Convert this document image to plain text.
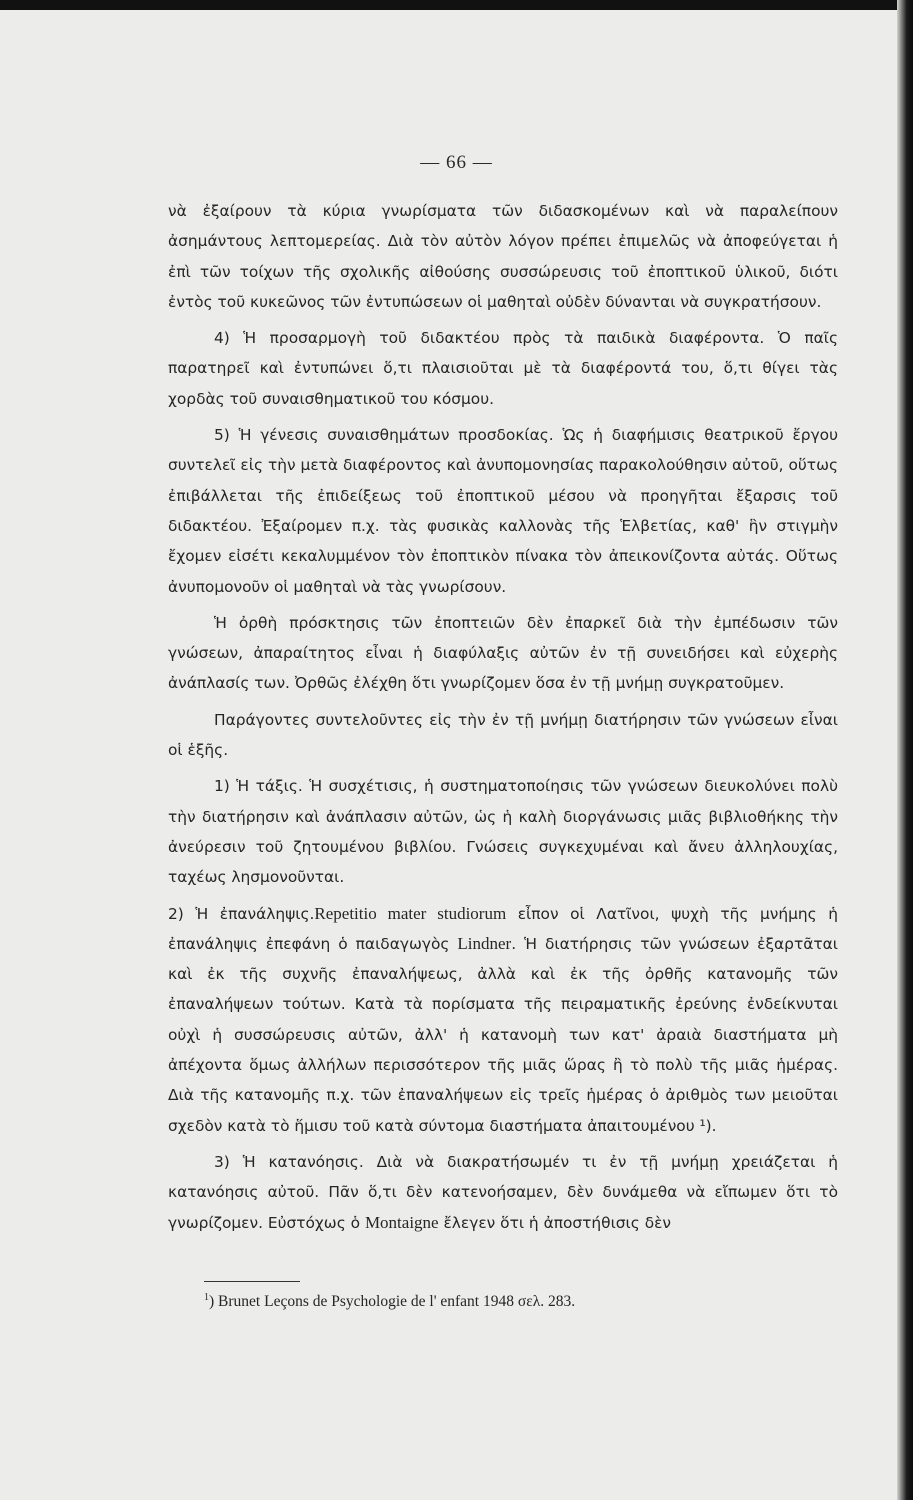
— 66 —

νὰ ἐξαίρουν τὰ κύρια γνωρίσματα τῶν διδασκομένων καὶ νὰ παραλείπουν ἀσημάντους λεπτομερείας. Διὰ τὸν αὐτὸν λόγον πρέπει ἐπιμελῶς νὰ ἀποφεύγεται ἡ ἐπὶ τῶν τοίχων τῆς σχολικῆς αἰθούσης συσσώρευσις τοῦ ἐποπτικοῦ ὑλικοῦ, διότι ἐντὸς τοῦ κυκεῶνος τῶν ἐντυπώσεων οἱ μαθηταὶ οὐδὲν δύνανται νὰ συγκρατήσουν.

4) Ἡ προσαρμογὴ τοῦ διδακτέου πρὸς τὰ παιδικὰ διαφέροντα. Ὁ παῖς παρατηρεῖ καὶ ἐντυπώνει ὅ,τι πλαισιοῦται μὲ τὰ διαφέροντά του, ὅ,τι θίγει τὰς χορδὰς τοῦ συναισθηματικοῦ του κόσμου.

5) Ἡ γένεσις συναισθημάτων προσδοκίας. Ὡς ἡ διαφήμισις θεατρικοῦ ἔργου συντελεῖ εἰς τὴν μετὰ διαφέροντος καὶ ἀνυπομονησίας παρακολούθησιν αὐτοῦ, οὕτως ἐπιβάλλεται τῆς ἐπιδείξεως τοῦ ἐποπτικοῦ μέσου νὰ προηγῆται ἔξαρσις τοῦ διδακτέου. Ἐξαίρομεν π.χ. τὰς φυσικὰς καλλονὰς τῆς Ἑλβετίας, καθ' ἣν στιγμὴν ἔχομεν εἰσέτι κεκαλυμμένον τὸν ἐποπτικὸν πίνακα τὸν ἀπεικονίζοντα αὐτάς. Οὕτως ἀνυπομονοῦν οἱ μαθηταὶ νὰ τὰς γνωρίσουν.

Ἡ ὀρθὴ πρόσκτησις τῶν ἐποπτειῶν δὲν ἐπαρκεῖ διὰ τὴν ἐμπέδωσιν τῶν γνώσεων, ἀπαραίτητος εἶναι ἡ διαφύλαξις αὐτῶν ἐν τῇ συνειδήσει καὶ εὐχερὴς ἀνάπλασίς των. Ὀρθῶς ἐλέχθη ὅτι γνωρίζομεν ὅσα ἐν τῇ μνήμῃ συγκρατοῦμεν.

Παράγοντες συντελοῦντες εἰς τὴν ἐν τῇ μνήμῃ διατήρησιν τῶν γνώσεων εἶναι οἱ ἑξῆς.

1) Ἡ τάξις. Ἡ συσχέτισις, ἡ συστηματοποίησις τῶν γνώσεων διευκολύνει πολὺ τὴν διατήρησιν καὶ ἀνάπλασιν αὐτῶν, ὡς ἡ καλὴ διοργάνωσις μιᾶς βιβλιοθήκης τὴν ἀνεύρεσιν τοῦ ζητουμένου βιβλίου. Γνώσεις συγκεχυμέναι καὶ ἄνευ ἀλληλουχίας, ταχέως λησμονοῦνται.

2) Ἡ ἐπανάληψις.Repetitio mater studiorum εἶπον οἱ Λατῖνοι, ψυχὴ τῆς μνήμης ἡ ἐπανάληψις ἐπεφάνη ὁ παιδαγωγὸς Lindner. Ἡ διατήρησις τῶν γνώσεων ἐξαρτᾶται καὶ ἐκ τῆς συχνῆς ἐπαναλήψεως, ἀλλὰ καὶ ἐκ τῆς ὀρθῆς κατανομῆς τῶν ἐπαναλήψεων τούτων. Κατὰ τὰ πορίσματα τῆς πειραματικῆς ἐρεύνης ἐνδείκνυται οὐχὶ ἡ συσσώρευσις αὐτῶν, ἀλλ' ἡ κατανομὴ των κατ' ἀραιὰ διαστήματα μὴ ἀπέχοντα ὅμως ἀλλήλων περισσότερον τῆς μιᾶς ὥρας ἢ τὸ πολὺ τῆς μιᾶς ἡμέρας. Διὰ τῆς κατανομῆς π.χ. τῶν ἐπαναλήψεων εἰς τρεῖς ἡμέρας ὁ ἀριθμὸς των μειοῦται σχεδὸν κατὰ τὸ ἥμισυ τοῦ κατὰ σύντομα διαστήματα ἀπαιτουμένου ¹).

3) Ἡ κατανόησις. Διὰ νὰ διακρατήσωμέν τι ἐν τῇ μνήμῃ χρειάζεται ἡ κατανόησις αὐτοῦ. Πᾶν ὅ,τι δὲν κατενοήσαμεν, δὲν δυνάμεθα νὰ εἴπωμεν ὅτι τὸ γνωρίζομεν. Εὐστόχως ὁ Montaigne ἔλεγεν ὅτι ἡ ἀποστήθισις δὲν

$^1$) Brunet Leçons de Psychologie de l' enfant 1948 σελ. 283.
